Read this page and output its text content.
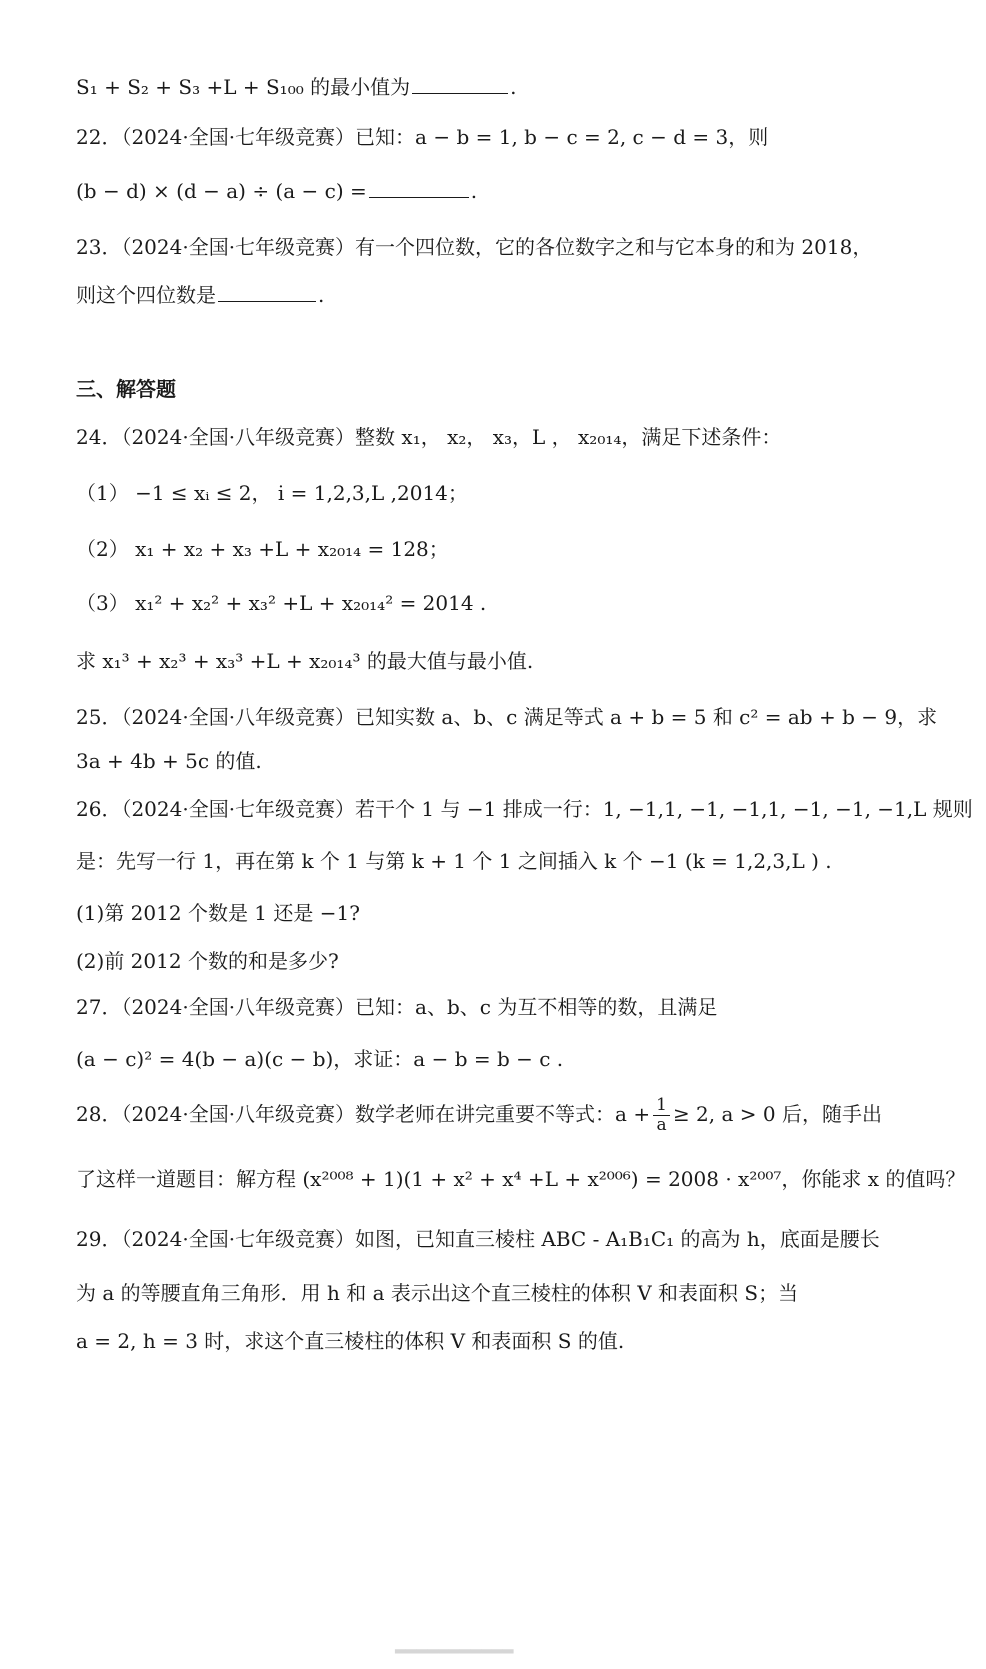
S₁ + S₂ + S₃ +L + S₁₀₀ 的最小值为	.
22．（2024·全国·七年级竞赛）已知：a − b = 1, b − c = 2, c − d = 3，则
(b − d) × (d − a) ÷ (a − c) =	.
23．（2024·全国·七年级竞赛）有一个四位数，它的各位数字之和与它本身的和为 2018，
则这个四位数是	.
三、解答题
24．（2024·全国·八年级竞赛）整数 x₁， x₂， x₃，L ， x₂₀₁₄，满足下述条件：
（1） −1 ≤ xᵢ ≤ 2， i = 1,2,3,L ,2014；
（2） x₁ + x₂ + x₃ +L + x₂₀₁₄ = 128；
（3） x₁² + x₂² + x₃² +L + x₂₀₁₄² = 2014 .
求 x₁³ + x₂³ + x₃³ +L + x₂₀₁₄³ 的最大值与最小值.
25．（2024·全国·八年级竞赛）已知实数 a、b、c 满足等式 a + b = 5 和 c² = ab + b − 9，求
3a + 4b + 5c 的值.
26．（2024·全国·七年级竞赛）若干个 1 与 −1 排成一行：1, −1,1, −1, −1,1, −1, −1, −1,L 规则
是：先写一行 1，再在第 k 个 1 与第 k + 1 个 1 之间插入 k 个 −1 (k = 1,2,3,L ) .
(1)第 2012 个数是 1 还是 −1?
(2)前 2012 个数的和是多少?
27．（2024·全国·八年级竞赛）已知：a、b、c 为互不相等的数，且满足
(a − c)² = 4(b − a)(c − b)，求证：a − b = b − c .
28．（2024·全国·八年级竞赛）数学老师在讲完重要不等式：$a + \frac{1}{a} \ge 2$, a > 0 后，随手出
了这样一道题目：解方程 (x²⁰⁰⁸ + 1)(1 + x² + x⁴ +L + x²⁰⁰⁶) = 2008 · x²⁰⁰⁷，你能求 x 的值吗？
29．（2024·全国·七年级竞赛）如图，已知直三棱柱 ABC - A₁B₁C₁ 的高为 h，底面是腰长
为 a 的等腰直角三角形．用 h 和 a 表示出这个直三棱柱的体积 V 和表面积 S；当
a = 2, h = 3 时，求这个直三棱柱的体积 V 和表面积 S 的值.
▂▂▂▂▂▂▂▂▂▂▂
